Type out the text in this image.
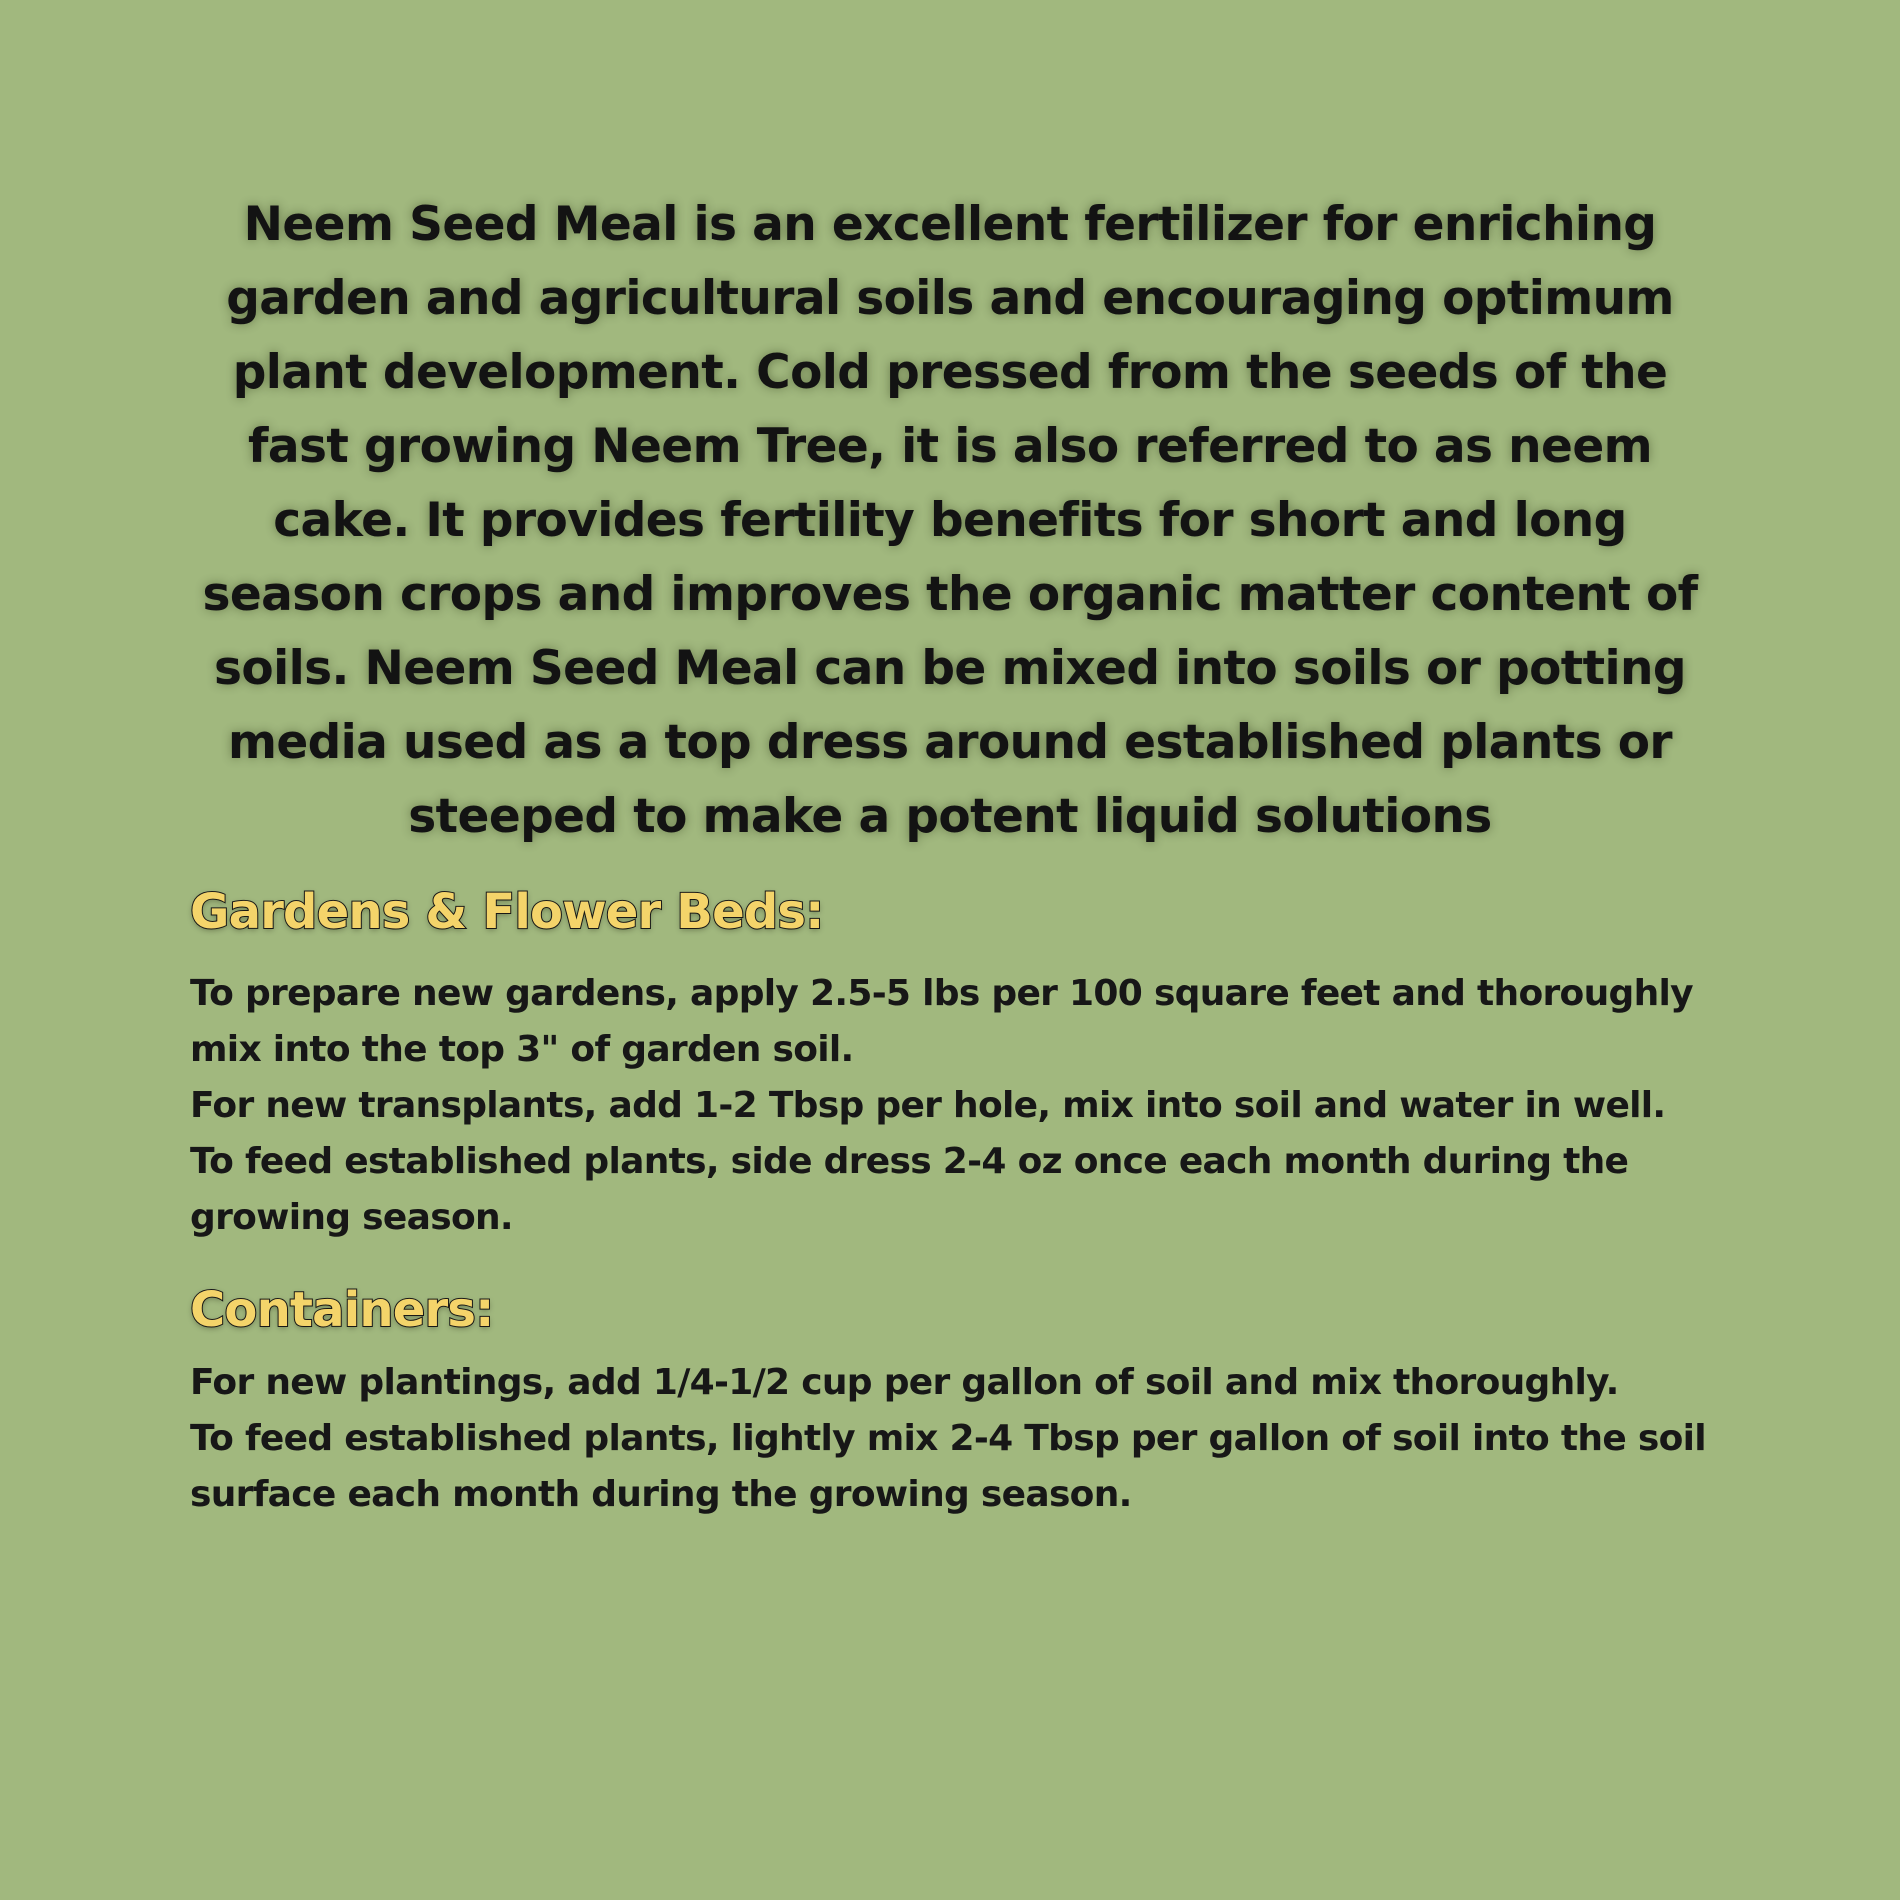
Neem Seed Meal is an excellent fertilizer for enriching garden and agricultural soils and encouraging optimum plant development. Cold pressed from the seeds of the fast growing Neem Tree, it is also referred to as neem cake. It provides fertility benefits for short and long season crops and improves the organic matter content of soils. Neem Seed Meal can be mixed into soils or potting media used as a top dress around established plants or steeped to make a potent liquid solutions

Gardens & Flower Beds:

To prepare new gardens, apply 2.5-5 lbs per 100 square feet and thoroughly mix into the top 3" of garden soil.

For new transplants, add 1-2 Tbsp per hole, mix into soil and water in well.

To feed established plants, side dress 2-4 oz once each month during the growing season.

Containers:

For new plantings, add 1/4-1/2 cup per gallon of soil and mix thoroughly.

To feed established plants, lightly mix 2-4 Tbsp per gallon of soil into the soil surface each month during the growing season.
